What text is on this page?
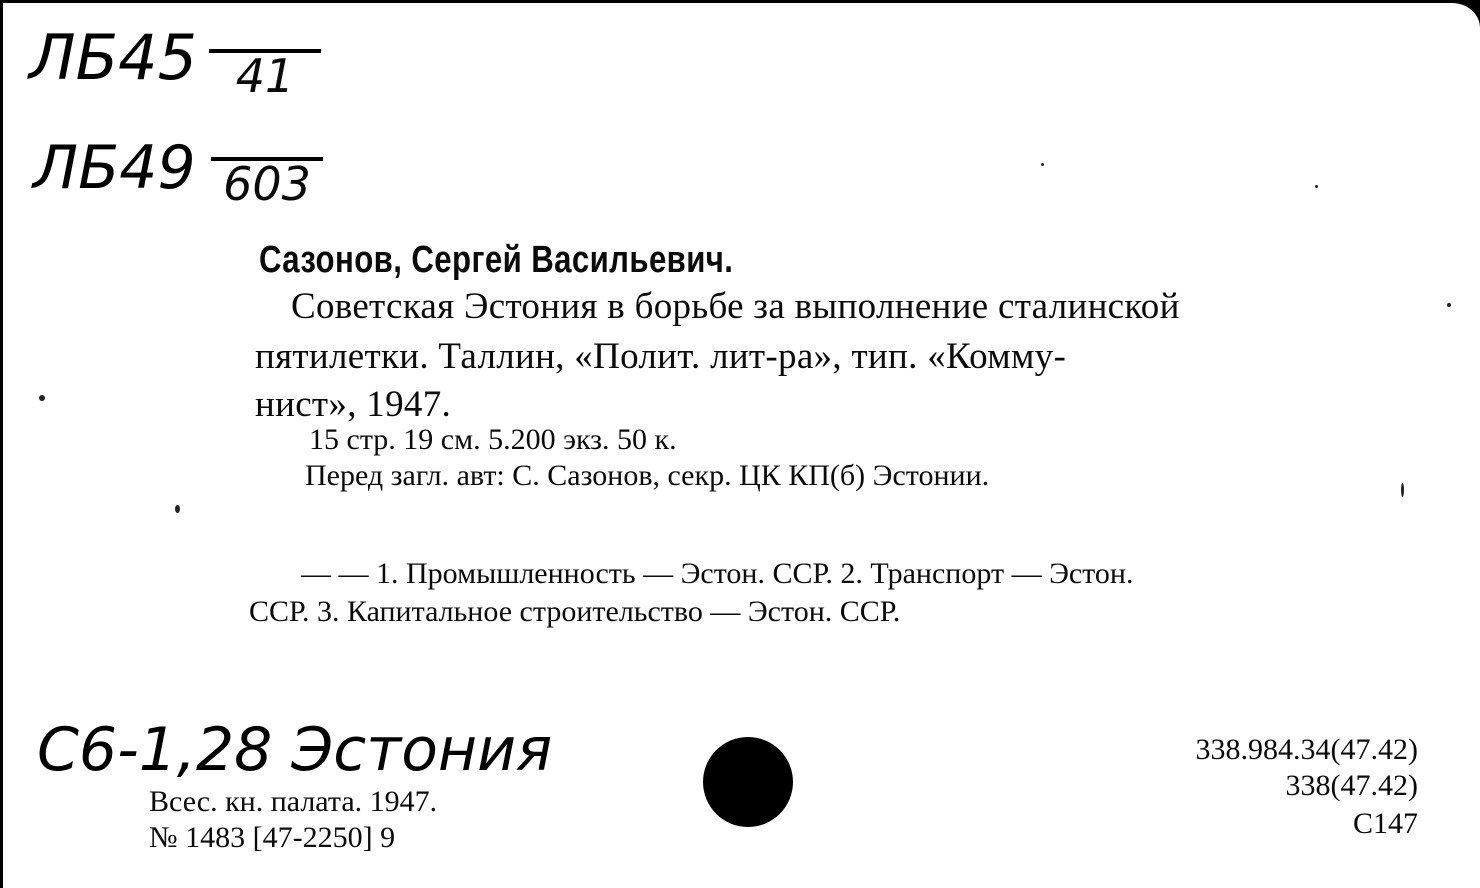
ЛБ45 41
ЛБ49 603
Сазонов, Сергей Васильевич.
Советская Эстония в борьбе за выполнение сталинской
пятилетки. Таллин, «Полит. лит-ра», тип. «Комму-
нист», 1947.
15 стр. 19 см. 5.200 экз. 50 к.
Перед загл. авт: С. Сазонов, секр. ЦК КП(б) Эстонии.
— — 1. Промышленность — Эстон. ССР. 2. Транспорт — Эстон.
ССР. 3. Капитальное строительство — Эстон. ССР.
С6-1,28 Эстония
Всес. кн. палата. 1947.
№ 1483 [47-2250] 9
338.984.34(47.42)
338(47.42)
С147
